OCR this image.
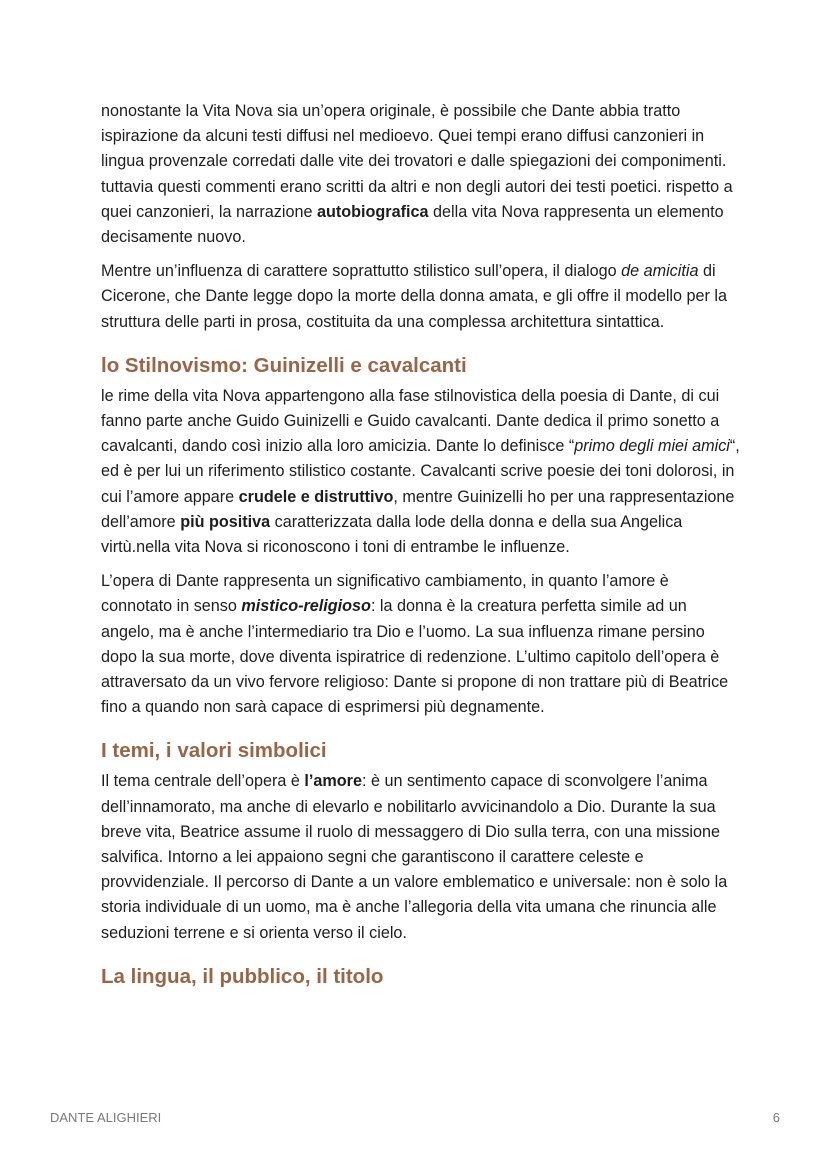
nonostante la Vita Nova sia un’opera originale, è possibile che Dante abbia tratto ispirazione da alcuni testi diffusi nel medioevo. Quei tempi erano diffusi canzonieri in lingua provenzale corredati dalle vite dei trovatori e dalle spiegazioni dei componimenti. tuttavia questi commenti erano scritti da altri e non degli autori dei testi poetici. rispetto a quei canzonieri, la narrazione autobiografica della vita Nova rappresenta un elemento decisamente nuovo.

Mentre un’influenza di carattere soprattutto stilistico sull’opera, il dialogo de amicitia di Cicerone, che Dante legge dopo la morte della donna amata, e gli offre il modello per la struttura delle parti in prosa, costituita da una complessa architettura sintattica.

lo Stilnovismo: Guinizelli e cavalcanti

le rime della vita Nova appartengono alla fase stilnovistica della poesia di Dante, di cui fanno parte anche Guido Guinizelli e Guido cavalcanti. Dante dedica il primo sonetto a cavalcanti, dando così inizio alla loro amicizia. Dante lo definisce “primo degli miei amici“, ed è per lui un riferimento stilistico costante. Cavalcanti scrive poesie dei toni dolorosi, in cui l’amore appare crudele e distruttivo, mentre Guinizelli ho per una rappresentazione dell’amore più positiva caratterizzata dalla lode della donna e della sua Angelica virtù.nella vita Nova si riconoscono i toni di entrambe le influenze.

L’opera di Dante rappresenta un significativo cambiamento, in quanto l’amore è connotato in senso mistico-religioso: la donna è la creatura perfetta simile ad un angelo, ma è anche l’intermediario tra Dio e l’uomo. La sua influenza rimane persino dopo la sua morte, dove diventa ispiratrice di redenzione. L’ultimo capitolo dell’opera è attraversato da un vivo fervore religioso: Dante si propone di non trattare più di Beatrice fino a quando non sarà capace di esprimersi più degnamente.

I temi, i valori simbolici

Il tema centrale dell’opera è l’amore: è un sentimento capace di sconvolgere l’anima dell’innamorato, ma anche di elevarlo e nobilitarlo avvicinandolo a Dio. Durante la sua breve vita, Beatrice assume il ruolo di messaggero di Dio sulla terra, con una missione salvifica. Intorno a lei appaiono segni che garantiscono il carattere celeste e provvidenziale. Il percorso di Dante a un valore emblematico e universale: non è solo la storia individuale di un uomo, ma è anche l’allegoria della vita umana che rinuncia alle seduzioni terrene e si orienta verso il cielo.

La lingua, il pubblico, il titolo
DANTE ALIGHIERI	6
